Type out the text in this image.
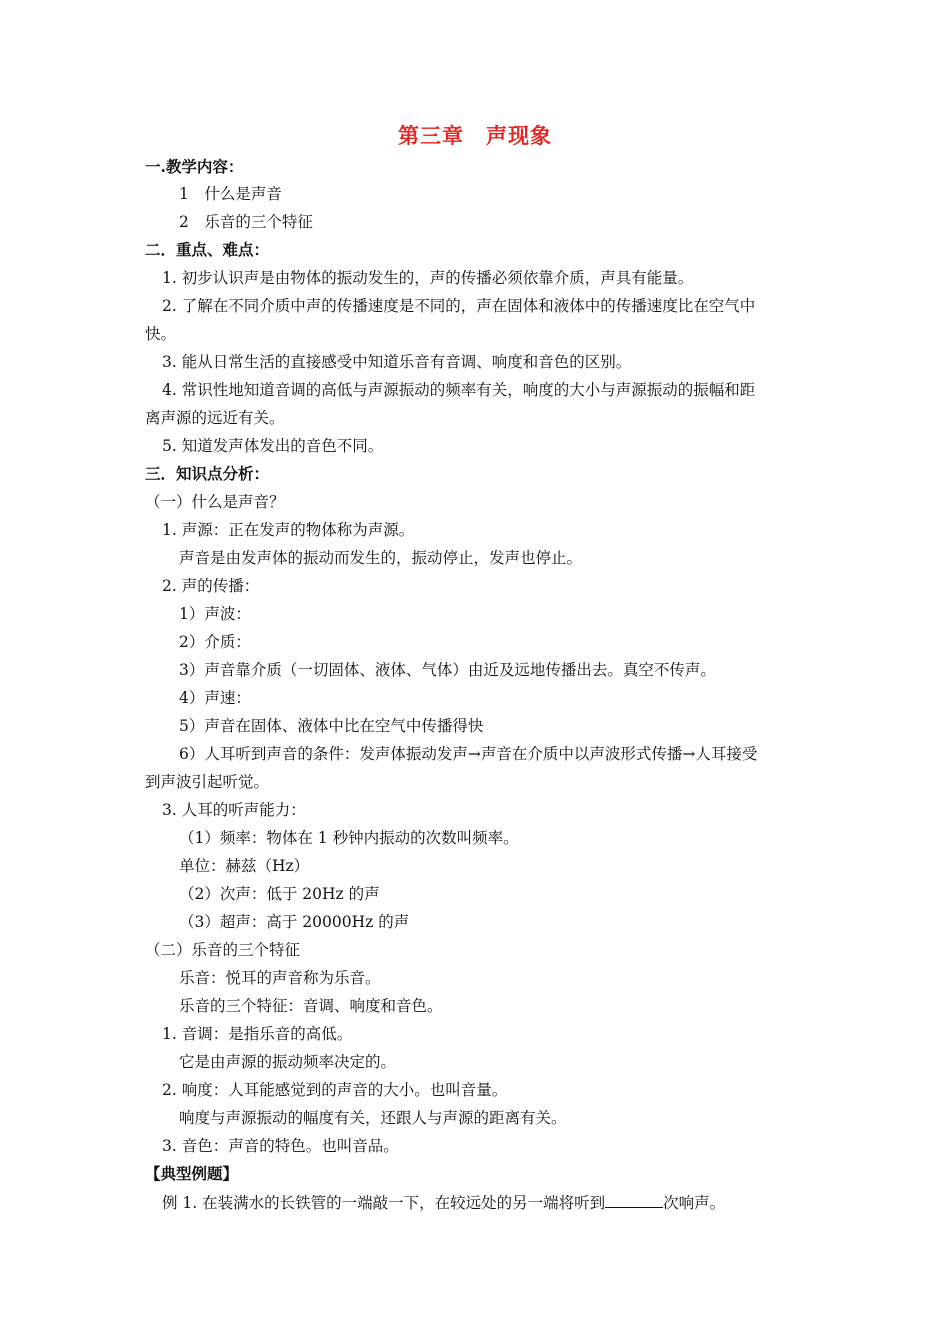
第三章　声现象
一.教学内容：
1　什么是声音
2　乐音的三个特征
二．重点、难点：
1. 初步认识声是由物体的振动发生的，声的传播必须依靠介质，声具有能量。
2. 了解在不同介质中声的传播速度是不同的，声在固体和液体中的传播速度比在空气中
快。
3. 能从日常生活的直接感受中知道乐音有音调、响度和音色的区别。
4. 常识性地知道音调的高低与声源振动的频率有关，响度的大小与声源振动的振幅和距
离声源的远近有关。
5. 知道发声体发出的音色不同。
三．知识点分析：
（一）什么是声音？
1. 声源：正在发声的物体称为声源。
声音是由发声体的振动而发生的，振动停止，发声也停止。
2. 声的传播：
1）声波：
2）介质：
3）声音靠介质（一切固体、液体、气体）由近及远地传播出去。真空不传声。
4）声速：
5）声音在固体、液体中比在空气中传播得快
6）人耳听到声音的条件：发声体振动发声→声音在介质中以声波形式传播→人耳接受
到声波引起听觉。
3. 人耳的听声能力：
（1）频率：物体在 1 秒钟内振动的次数叫频率。
单位：赫兹（Hz）
（2）次声：低于 20Hz 的声
（3）超声：高于 20000Hz 的声
（二）乐音的三个特征
乐音：悦耳的声音称为乐音。
乐音的三个特征：音调、响度和音色。
1. 音调：是指乐音的高低。
它是由声源的振动频率决定的。
2. 响度：人耳能感觉到的声音的大小。也叫音量。
响度与声源振动的幅度有关，还跟人与声源的距离有关。
3. 音色：声音的特色。也叫音品。
【典型例题】
例 1. 在装满水的长铁管的一端敲一下，在较远处的另一端将听到	次响声。
